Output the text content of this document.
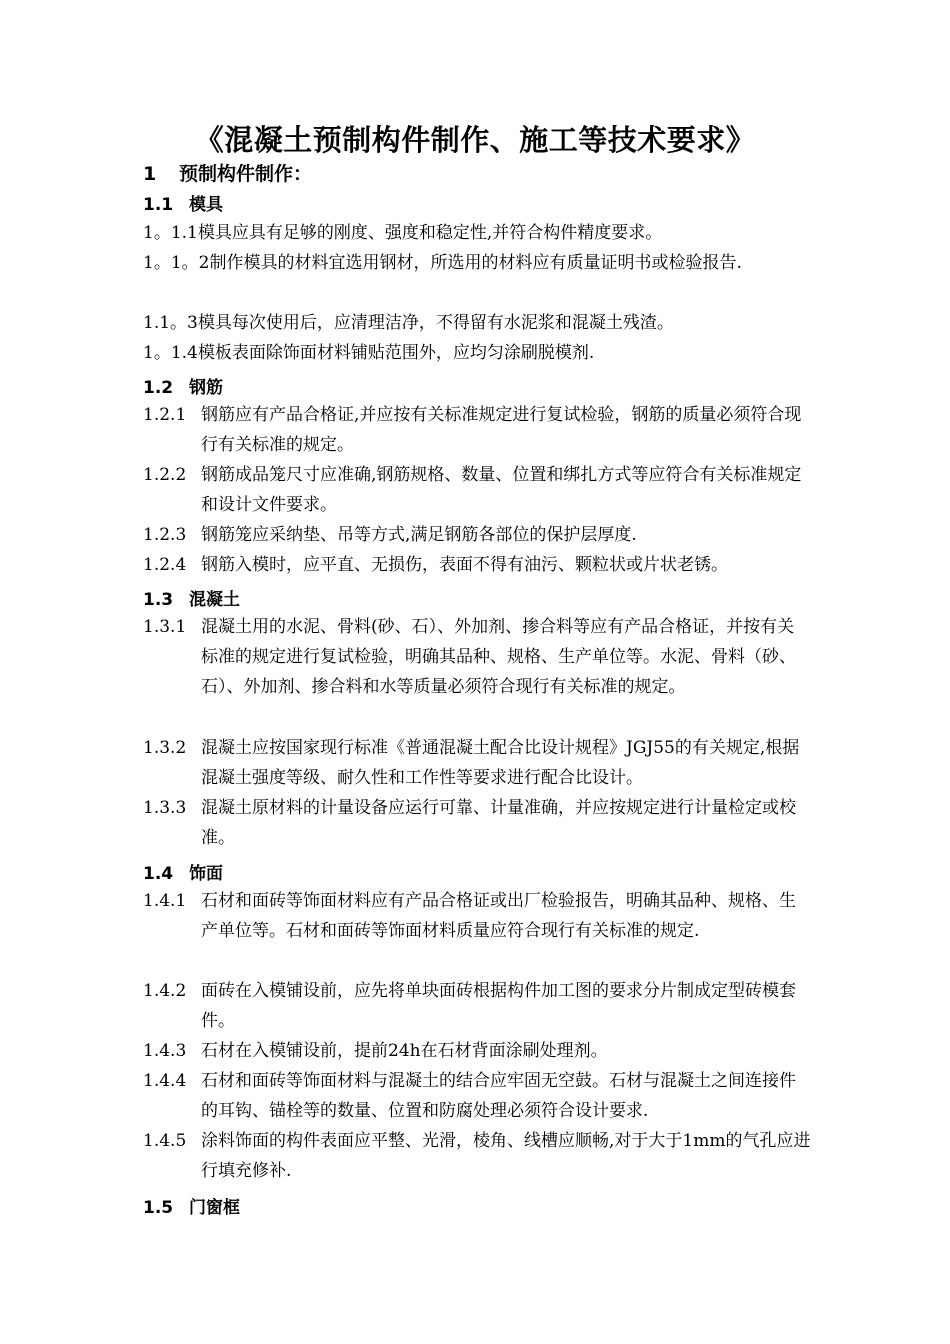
《混凝土预制构件制作、施工等技术要求》
1 预制构件制作：
1.1 模具
1。1.1模具应具有足够的刚度、强度和稳定性,并符合构件精度要求。
1。1。2制作模具的材料宜选用钢材，所选用的材料应有质量证明书或检验报告.
1.1。3模具每次使用后，应清理洁净，不得留有水泥浆和混凝土残渣。
1。1.4模板表面除饰面材料铺贴范围外，应均匀涂刷脱模剂.
1.2 钢筋
1.2.1 钢筋应有产品合格证,并应按有关标准规定进行复试检验，钢筋的质量必须符合现行有关标准的规定。
1.2.2 钢筋成品笼尺寸应准确,钢筋规格、数量、位置和绑扎方式等应符合有关标准规定和设计文件要求。
1.2.3 钢筋笼应采纳垫、吊等方式,满足钢筋各部位的保护层厚度.
1.2.4 钢筋入模时，应平直、无损伤，表面不得有油污、颗粒状或片状老锈。
1.3 混凝土
1.3.1 混凝土用的水泥、骨料(砂、石）、外加剂、掺合料等应有产品合格证，并按有关标准的规定进行复试检验，明确其品种、规格、生产单位等。水泥、骨料（砂、石）、外加剂、掺合料和水等质量必须符合现行有关标准的规定。
1.3.2 混凝土应按国家现行标准《普通混凝土配合比设计规程》JGJ55的有关规定,根据混凝土强度等级、耐久性和工作性等要求进行配合比设计。
1.3.3 混凝土原材料的计量设备应运行可靠、计量准确，并应按规定进行计量检定或校准。
1.4 饰面
1.4.1 石材和面砖等饰面材料应有产品合格证或出厂检验报告，明确其品种、规格、生产单位等。石材和面砖等饰面材料质量应符合现行有关标准的规定.
1.4.2 面砖在入模铺设前，应先将单块面砖根据构件加工图的要求分片制成定型砖模套件。
1.4.3 石材在入模铺设前，提前24h在石材背面涂刷处理剂。
1.4.4 石材和面砖等饰面材料与混凝土的结合应牢固无空鼓。石材与混凝土之间连接件的耳钩、锚栓等的数量、位置和防腐处理必须符合设计要求.
1.4.5 涂料饰面的构件表面应平整、光滑，棱角、线槽应顺畅,对于大于1mm的气孔应进行填充修补.
1.5 门窗框
